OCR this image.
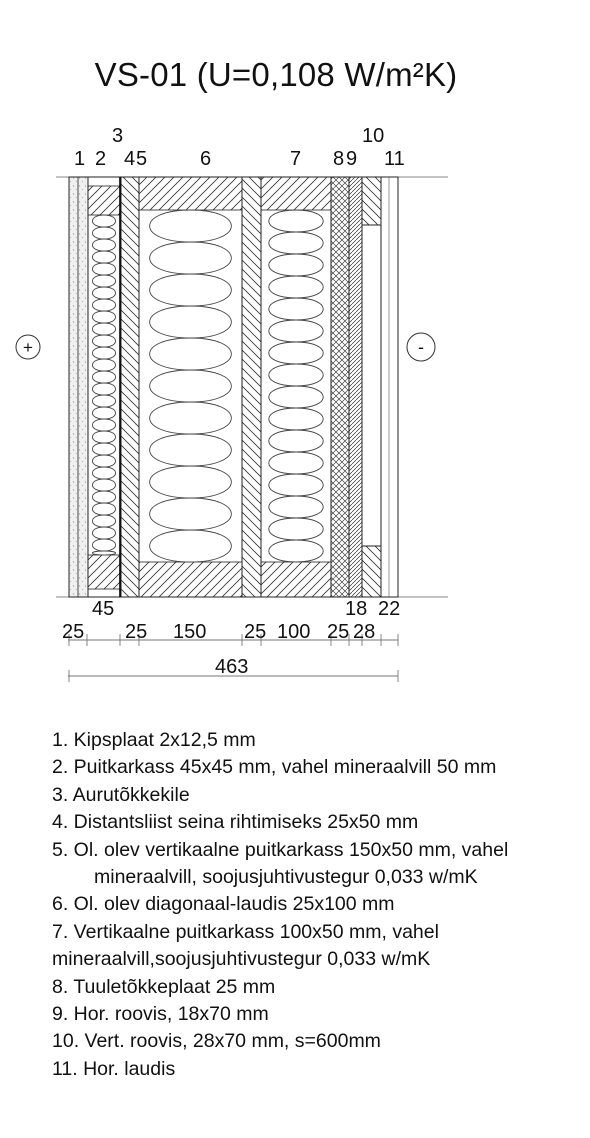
VS-01 (U=0,108 W/m²K)
1 2
3
4 5	6	7 8 9
10
11
+	-
45	18 22
25 25 150 25 100 25 28
463

1. Kipsplaat 2x12,5 mm

2. Puitkarkass 45x45 mm, vahel mineraalvill 50 mm

3. Aurutõkkekile

4. Distantsliist seina rihtimiseks 25x50 mm

5. Ol. olev vertikaalne puitkarkass 150x50 mm, vahel mineraalvill, soojusjuhtivustegur 0,033 w/mK

6. Ol. olev diagonaal-laudis 25x100 mm

7. Vertikaalne puitkarkass 100x50 mm, vahel mineraalvill,soojusjuhtivustegur 0,033 w/mK

8. Tuuletõkkeplaat 25 mm

9. Hor. roovis, 18x70 mm

10. Vert. roovis, 28x70 mm, s=600mm

11. Hor. laudis
